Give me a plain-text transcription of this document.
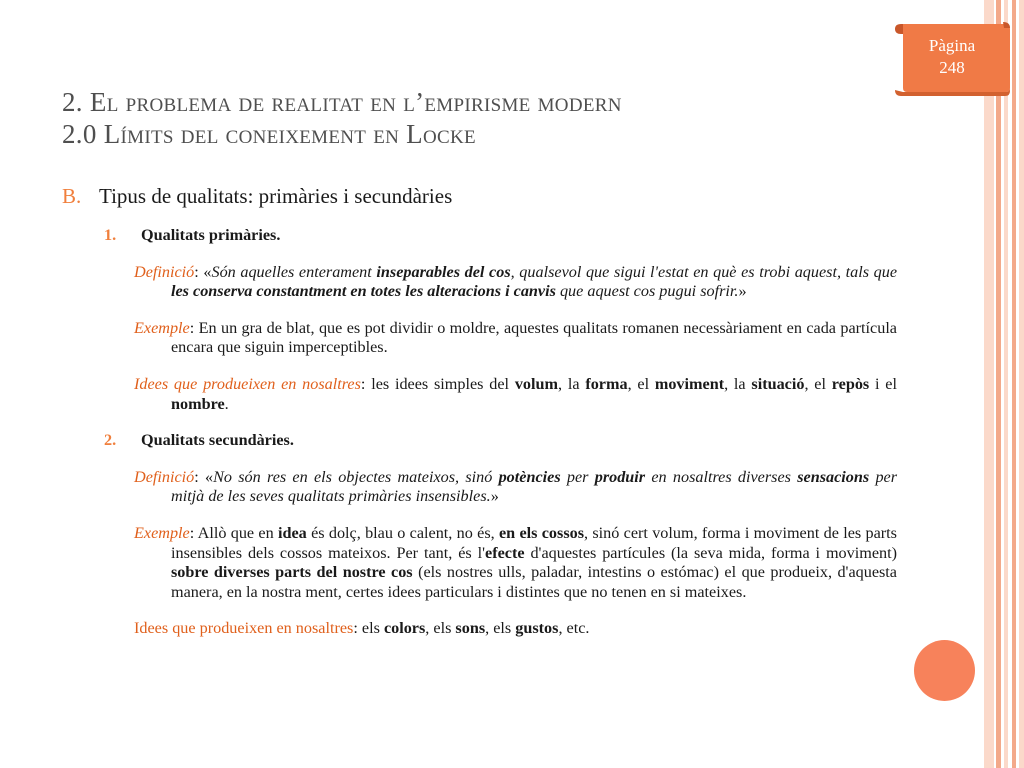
Pàgina
248
2. El problema de realitat en l’empirisme modern
2.0 Límits del coneixement en Locke
B. Tipus de qualitats: primàries i secundàries
1. Qualitats primàries.
Definició: «Són aquelles enterament inseparables del cos, qualsevol que sigui l'estat en què es trobi aquest, tals que les conserva constantment en totes les alteracions i canvis que aquest cos pugui sofrir.»
Exemple: En un gra de blat, que es pot dividir o moldre, aquestes qualitats romanen necessàriament en cada partícula encara que siguin imperceptibles.
Idees que produeixen en nosaltres: les idees simples del volum, la forma, el moviment, la situació, el repòs i el nombre.
2. Qualitats secundàries.
Definició: «No són res en els objectes mateixos, sinó potències per produir en nosaltres diverses sensacions per mitjà de les seves qualitats primàries insensibles.»
Exemple: Allò que en idea és dolç, blau o calent, no és, en els cossos, sinó cert volum, forma i moviment de les parts insensibles dels cossos mateixos. Per tant, és l'efecte d'aquestes partícules (la seva mida, forma i moviment) sobre diverses parts del nostre cos (els nostres ulls, paladar, intestins o estómac) el que produeix, d'aquesta manera, en la nostra ment, certes idees particulars i distintes que no tenen en si mateixes.
Idees que produeixen en nosaltres: els colors, els sons, els gustos, etc.
